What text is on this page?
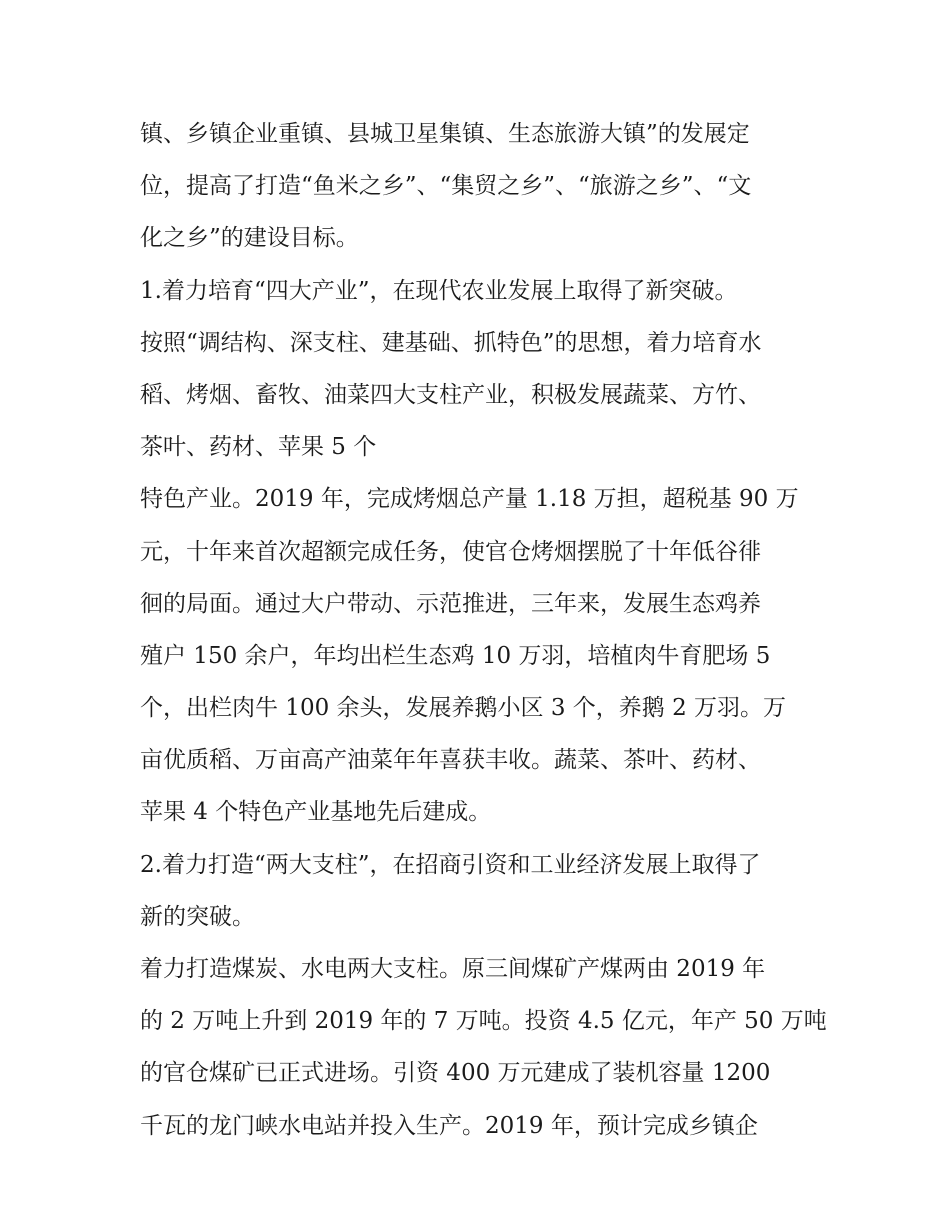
镇、乡镇企业重镇、县城卫星集镇、生态旅游大镇”的发展定

位，提高了打造“鱼米之乡”、“集贸之乡”、“旅游之乡”、“文

化之乡”的建设目标。

1.着力培育“四大产业”，在现代农业发展上取得了新突破。

按照“调结构、深支柱、建基础、抓特色”的思想，着力培育水

稻、烤烟、畜牧、油菜四大支柱产业，积极发展蔬菜、方竹、

茶叶、药材、苹果 5 个

特色产业。2019 年，完成烤烟总产量 1.18 万担，超税基 90 万

元，十年来首次超额完成任务，使官仓烤烟摆脱了十年低谷徘

徊的局面。通过大户带动、示范推进，三年来，发展生态鸡养

殖户 150 余户，年均出栏生态鸡 10 万羽，培植肉牛育肥场 5

个，出栏肉牛 100 余头，发展养鹅小区 3 个，养鹅 2 万羽。万

亩优质稻、万亩高产油菜年年喜获丰收。蔬菜、茶叶、药材、

苹果 4 个特色产业基地先后建成。

2.着力打造“两大支柱”，在招商引资和工业经济发展上取得了

新的突破。

着力打造煤炭、水电两大支柱。原三间煤矿产煤两由 2019 年

的 2 万吨上升到 2019 年的 7 万吨。投资 4.5 亿元，年产 50 万吨

的官仓煤矿已正式进场。引资 400 万元建成了装机容量 1200

千瓦的龙门峡水电站并投入生产。2019 年，预计完成乡镇企
